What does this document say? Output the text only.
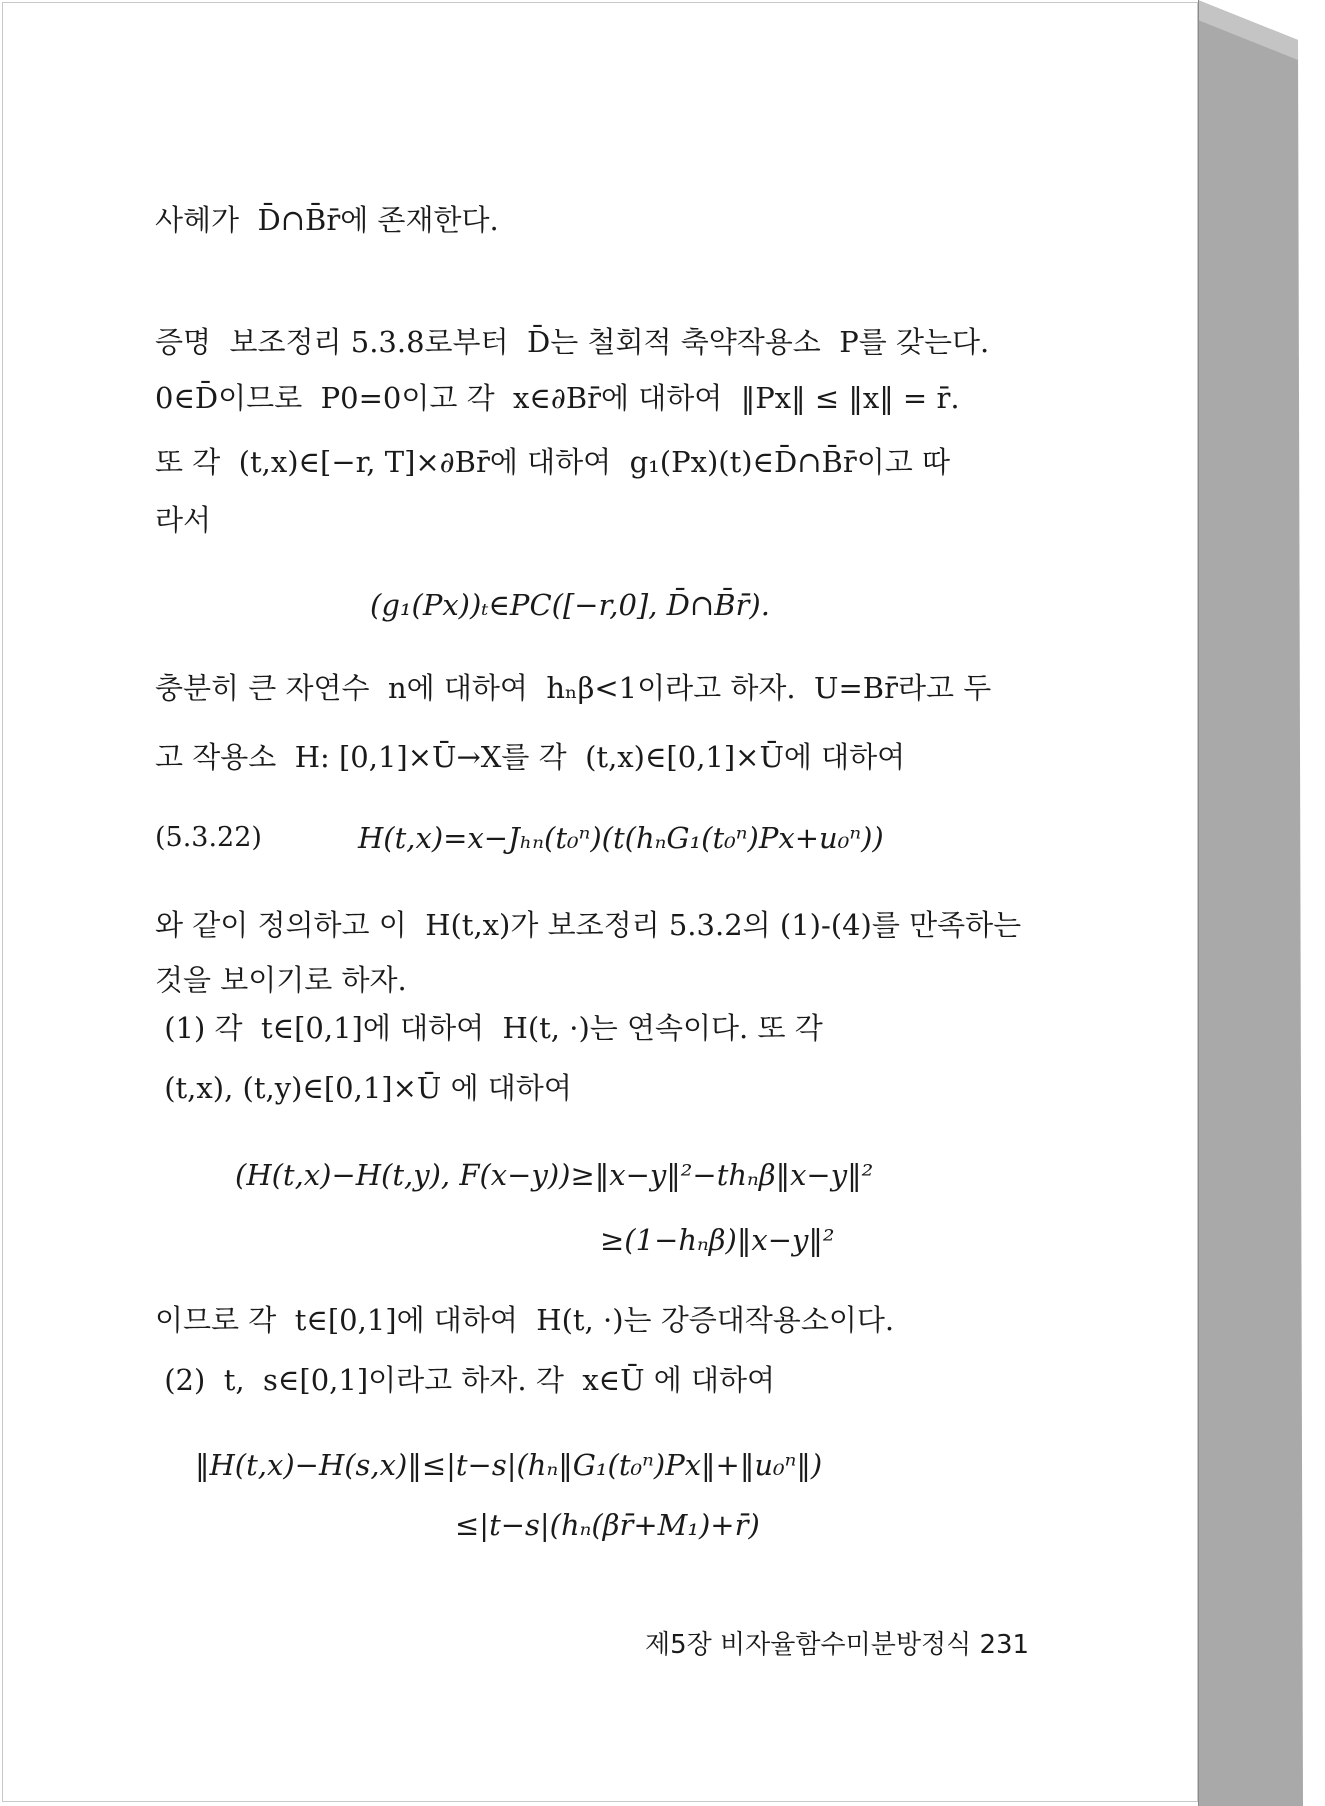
사헤가  D̄∩B̄r̄에 존재한다.
증명  보조정리 5.3.8로부터  D̄는 철회적 축약작용소  P를 갖는다.
0∈D̄이므로  P0=0이고 각  x∈∂Br̄에 대하여  ‖Px‖ ≤ ‖x‖ = r̄.
또 각  (t,x)∈[−r, T]×∂Br̄에 대하여  g₁(Px)(t)∈D̄∩B̄r̄이고 따
라서
(g₁(Px))ₜ∈PC([−r,0], D̄∩B̄r̄).
충분히 큰 자연수  n에 대하여  hₙβ<1이라고 하자.  U=Br̄라고 두
고 작용소  H: [0,1]×Ū→X를 각  (t,x)∈[0,1]×Ū에 대하여
(5.3.22)	H(t,x)=x−Jₕₙ(t₀ⁿ)(t(hₙG₁(t₀ⁿ)Px+u₀ⁿ))
와 같이 정의하고 이  H(t,x)가 보조정리 5.3.2의 (1)-(4)를 만족하는
것을 보이기로 하자.
(1) 각  t∈[0,1]에 대하여  H(t, ·)는 연속이다. 또 각
(t,x), (t,y)∈[0,1]×Ū 에 대하여
(H(t,x)−H(t,y), F(x−y))≥‖x−y‖²−thₙβ‖x−y‖²
≥(1−hₙβ)‖x−y‖²
이므로 각  t∈[0,1]에 대하여  H(t, ·)는 강증대작용소이다.
(2)  t,  s∈[0,1]이라고 하자. 각  x∈Ū 에 대하여
‖H(t,x)−H(s,x)‖≤|t−s|(hₙ‖G₁(t₀ⁿ)Px‖+‖u₀ⁿ‖)
≤|t−s|(hₙ(βr̄+M₁)+r̄)
제5장 비자율함수미분방정식 231
